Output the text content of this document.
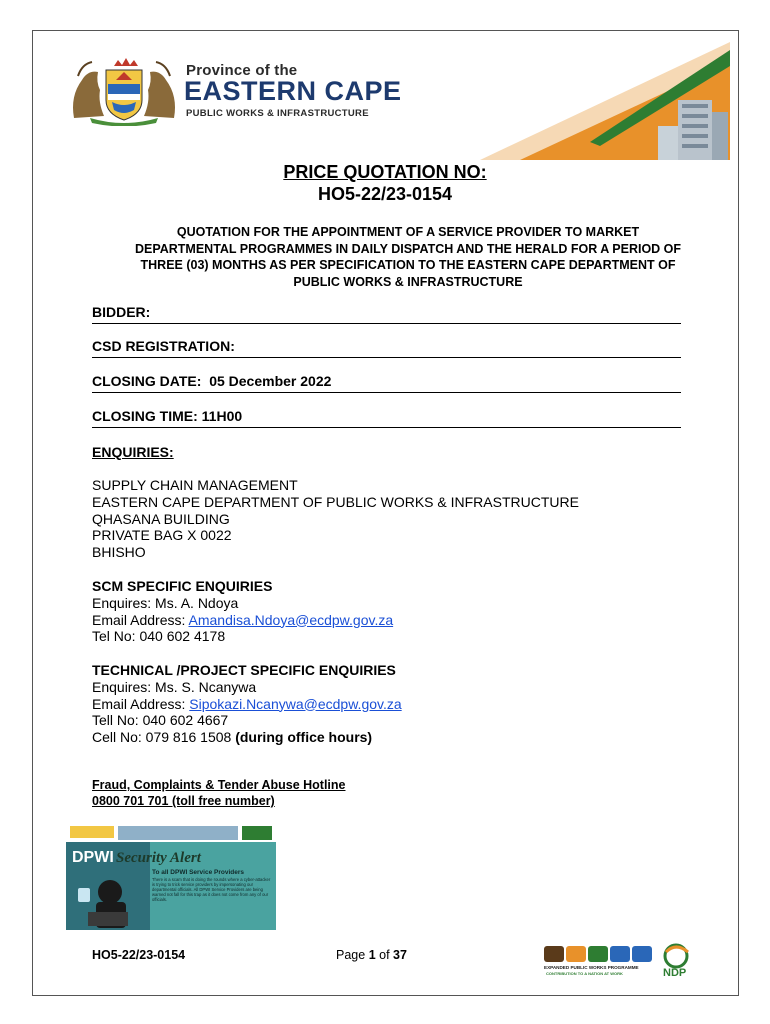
Province of the
EASTERN CAPE
PUBLIC WORKS & INFRASTRUCTURE
PRICE QUOTATION NO:
HO5-22/23-0154
QUOTATION FOR THE APPOINTMENT OF A SERVICE PROVIDER TO MARKET DEPARTMENTAL PROGRAMMES IN DAILY DISPATCH AND THE HERALD FOR A PERIOD OF THREE (03) MONTHS AS PER SPECIFICATION TO THE EASTERN CAPE DEPARTMENT OF PUBLIC WORKS & INFRASTRUCTURE
BIDDER:
CSD REGISTRATION:
CLOSING DATE: 05 December 2022
CLOSING TIME: 11H00
ENQUIRIES:
SUPPLY CHAIN MANAGEMENT
EASTERN CAPE DEPARTMENT OF PUBLIC WORKS & INFRASTRUCTURE
QHASANA BUILDING
PRIVATE BAG X 0022
BHISHO
SCM SPECIFIC ENQUIRIES
Enquires: Ms. A. Ndoya
Email Address: Amandisa.Ndoya@ecdpw.gov.za
Tel No: 040 602 4178
TECHNICAL /PROJECT SPECIFIC ENQUIRIES
Enquires: Ms. S. Ncanywa
Email Address: Sipokazi.Ncanywa@ecdpw.gov.za
Tell No: 040 602 4667
Cell No: 079 816 1508 (during office hours)
Fraud, Complaints & Tender Abuse Hotline
0800 701 701 (toll free number)
DPWI Security Alert
To all DPWI Service Providers
There is a scam that is doing the rounds where a cyber-attacker is trying to trick service providers by impersonating our departmental officials. All DPWI Service Providers are being warned not fall for this trap as it does not come from any of our officials.
HO5-22/23-0154	Page 1 of 37
EXPANDED PUBLIC WORKS PROGRAMME
CONTRIBUTION TO A NATION AT WORK	NDP
